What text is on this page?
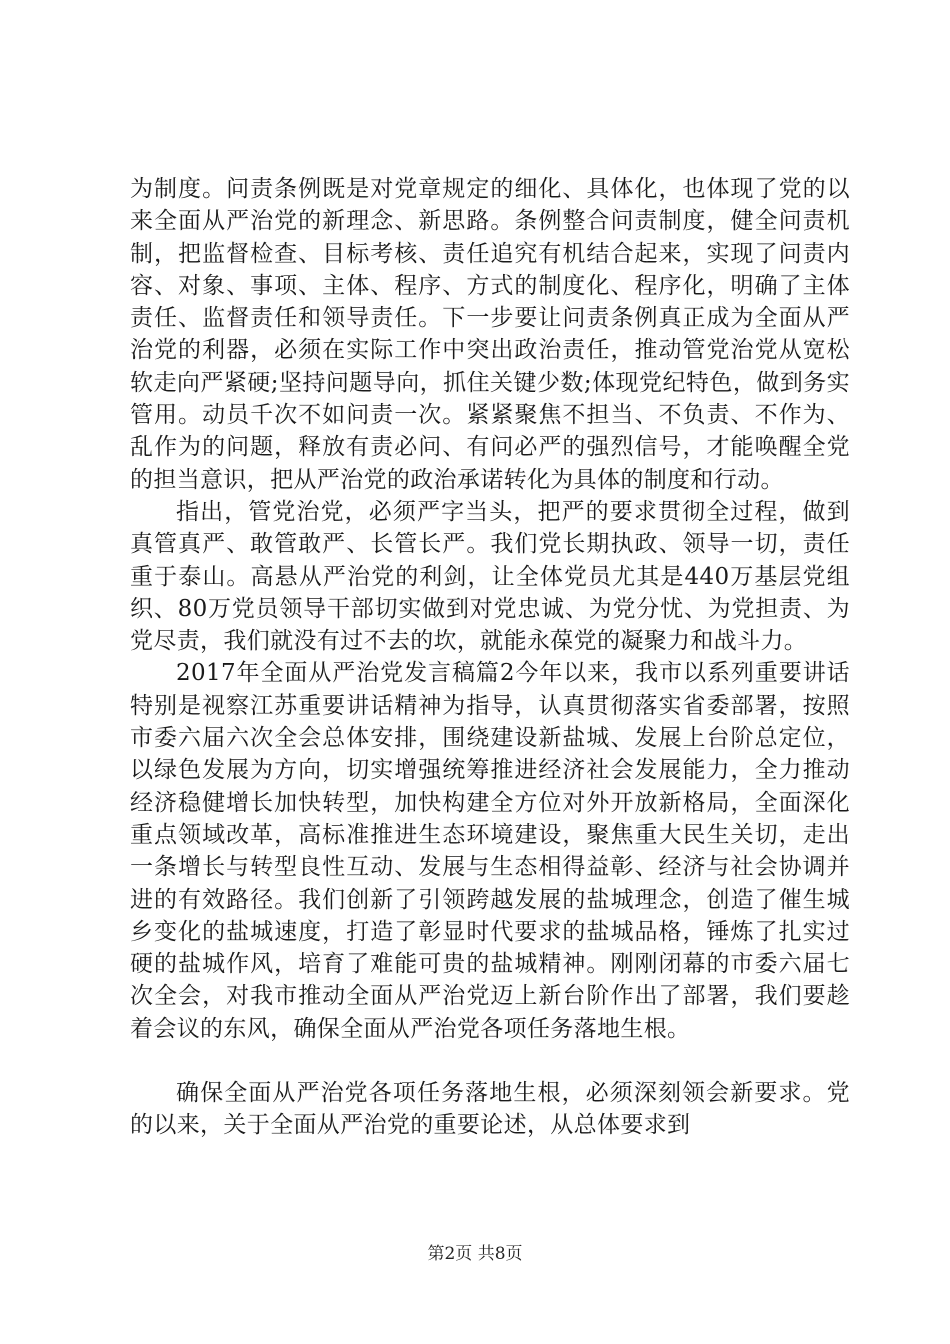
为制度。问责条例既是对党章规定的细化、具体化，也体现了党的以来全面从严治党的新理念、新思路。条例整合问责制度，健全问责机制，把监督检查、目标考核、责任追究有机结合起来，实现了问责内容、对象、事项、主体、程序、方式的制度化、程序化，明确了主体责任、监督责任和领导责任。下一步要让问责条例真正成为全面从严治党的利器，必须在实际工作中突出政治责任，推动管党治党从宽松软走向严紧硬;坚持问题导向，抓住关键少数;体现党纪特色，做到务实管用。动员千次不如问责一次。紧紧聚焦不担当、不负责、不作为、乱作为的问题，释放有责必问、有问必严的强烈信号，才能唤醒全党的担当意识，把从严治党的政治承诺转化为具体的制度和行动。

指出，管党治党，必须严字当头，把严的要求贯彻全过程，做到真管真严、敢管敢严、长管长严。我们党长期执政、领导一切，责任重于泰山。高悬从严治党的利剑，让全体党员尤其是440万基层党组织、80万党员领导干部切实做到对党忠诚、为党分忧、为党担责、为党尽责，我们就没有过不去的坎，就能永葆党的凝聚力和战斗力。

2017年全面从严治党发言稿篇2今年以来，我市以系列重要讲话特别是视察江苏重要讲话精神为指导，认真贯彻落实省委部署，按照市委六届六次全会总体安排，围绕建设新盐城、发展上台阶总定位，以绿色发展为方向，切实增强统筹推进经济社会发展能力，全力推动经济稳健增长加快转型，加快构建全方位对外开放新格局，全面深化重点领域改革，高标准推进生态环境建设，聚焦重大民生关切，走出一条增长与转型良性互动、发展与生态相得益彰、经济与社会协调并进的有效路径。我们创新了引领跨越发展的盐城理念，创造了催生城乡变化的盐城速度，打造了彰显时代要求的盐城品格，锤炼了扎实过硬的盐城作风，培育了难能可贵的盐城精神。刚刚闭幕的市委六届七次全会，对我市推动全面从严治党迈上新台阶作出了部署，我们要趁着会议的东风，确保全面从严治党各项任务落地生根。

确保全面从严治党各项任务落地生根，必须深刻领会新要求。党的以来，关于全面从严治党的重要论述，从总体要求到

第2页 共8页
